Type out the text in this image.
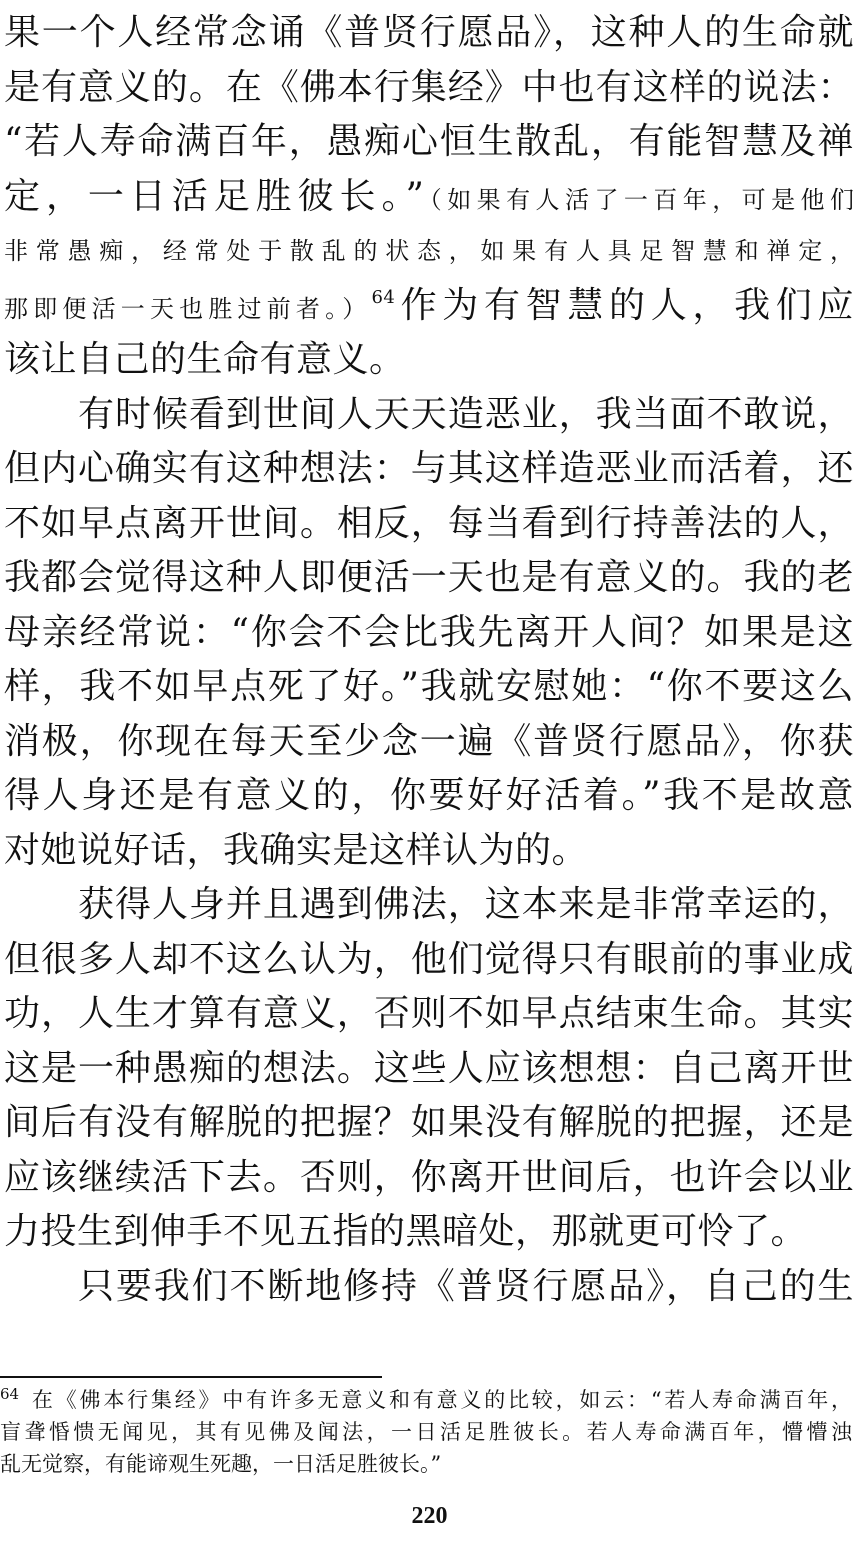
果一个人经常念诵《普贤行愿品》，这种人的生命就
是有意义的。在《佛本行集经》中也有这样的说法：
“若人寿命满百年，愚痴心恒生散乱，有能智慧及禅
定，一日活足胜彼长。”（如果有人活了一百年，可是他们
非常愚痴，经常处于散乱的状态，如果有人具足智慧和禅定，
那即便活一天也胜过前者。）$^{64}$作为有智慧的人，我们应
该让自己的生命有意义。
有时候看到世间人天天造恶业，我当面不敢说，
但内心确实有这种想法：与其这样造恶业而活着，还
不如早点离开世间。相反，每当看到行持善法的人，
我都会觉得这种人即便活一天也是有意义的。我的老
母亲经常说：“你会不会比我先离开人间？如果是这
样，我不如早点死了好。”我就安慰她：“你不要这么
消极，你现在每天至少念一遍《普贤行愿品》，你获
得人身还是有意义的，你要好好活着。”我不是故意
对她说好话，我确实是这样认为的。
获得人身并且遇到佛法，这本来是非常幸运的，
但很多人却不这么认为，他们觉得只有眼前的事业成
功，人生才算有意义，否则不如早点结束生命。其实
这是一种愚痴的想法。这些人应该想想：自己离开世
间后有没有解脱的把握？如果没有解脱的把握，还是
应该继续活下去。否则，你离开世间后，也许会以业
力投生到伸手不见五指的黑暗处，那就更可怜了。
只要我们不断地修持《普贤行愿品》，自己的生
$^{64}$ 在《佛本行集经》中有许多无意义和有意义的比较，如云：“若人寿命满百年，
盲聋惛愦无闻见，其有见佛及闻法，一日活足胜彼长。若人寿命满百年，懵懵浊
乱无觉察，有能谛观生死趣，一日活足胜彼长。”
220
